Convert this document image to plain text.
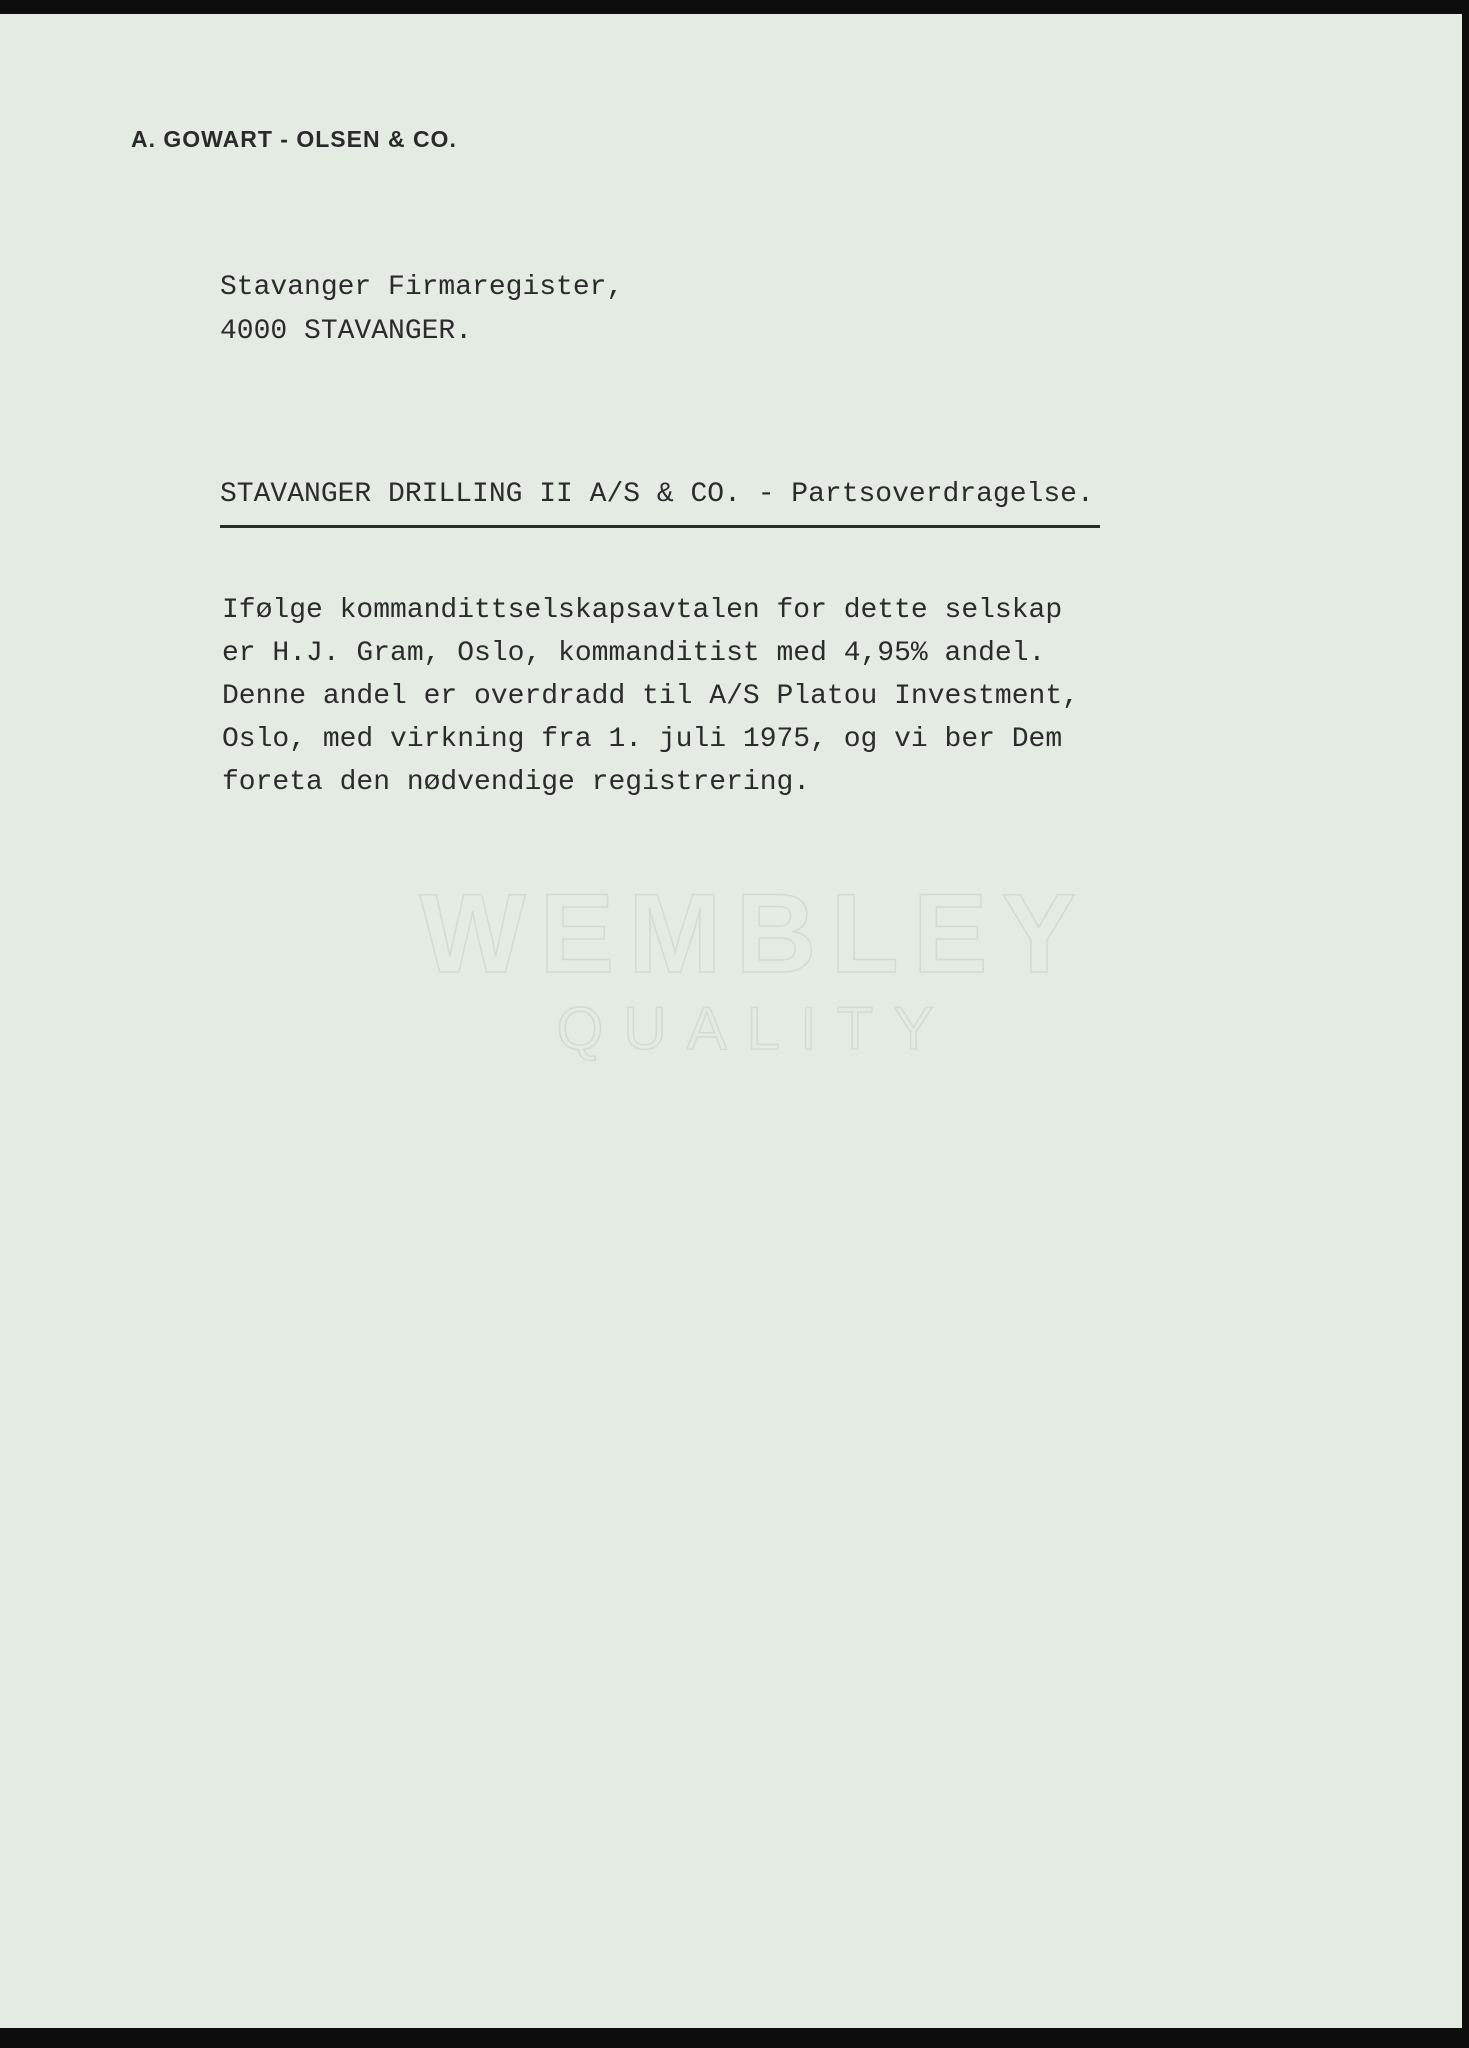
A. GOWART - OLSEN & CO.
Stavanger Firmaregister,
4000 STAVANGER.
STAVANGER DRILLING II A/S & CO. - Partsoverdragelse.
Ifølge kommandittselskapsavtalen for dette selskap
er H.J. Gram, Oslo, kommanditist med 4,95% andel.
Denne andel er overdradd til A/S Platou Investment,
Oslo, med virkning fra 1. juli 1975, og vi ber Dem
foreta den nødvendige registrering.
WEMBLEY
QUALITY
